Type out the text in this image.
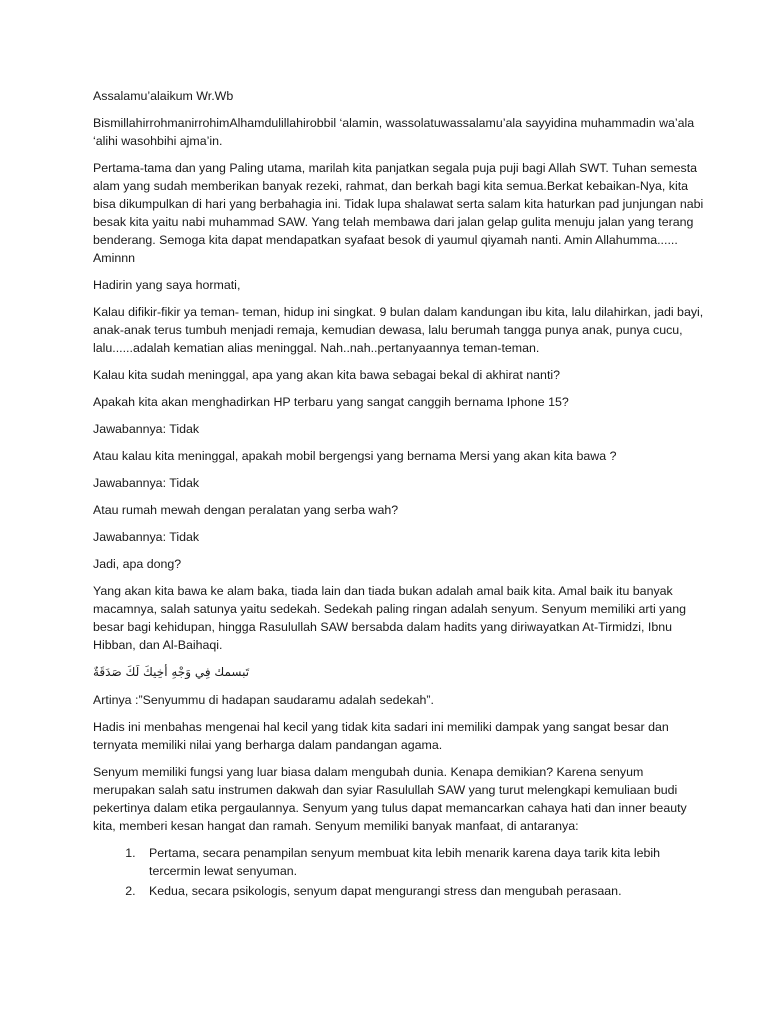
Assalamu’alaikum Wr.Wb

BismillahirrohmanirrohimAlhamdulillahirobbil ‘alamin, wassolatuwassalamu’ala sayyidina muhammadin wa’ala ‘alihi wasohbihi ajma’in.

Pertama-tama dan yang Paling utama, marilah kita panjatkan segala puja puji bagi Allah SWT. Tuhan semesta alam yang sudah memberikan banyak rezeki, rahmat, dan berkah bagi kita semua.Berkat kebaikan-Nya, kita bisa dikumpulkan di hari yang berbahagia ini. Tidak lupa shalawat serta salam kita haturkan pad junjungan nabi besak kita yaitu nabi muhammad SAW. Yang telah membawa dari jalan gelap gulita menuju jalan yang terang benderang. Semoga kita dapat mendapatkan syafaat besok di yaumul qiyamah nanti. Amin Allahumma...... Aminnn

Hadirin yang saya hormati,

Kalau difikir-fikir ya teman- teman, hidup ini singkat. 9 bulan dalam kandungan ibu kita, lalu dilahirkan, jadi bayi, anak-anak terus tumbuh menjadi remaja, kemudian dewasa, lalu berumah tangga punya anak, punya cucu, lalu......adalah kematian alias meninggal. Nah..nah..pertanyaannya teman-teman.

Kalau kita sudah meninggal, apa yang akan kita bawa sebagai bekal di akhirat nanti?

Apakah kita akan menghadirkan HP terbaru yang sangat canggih bernama Iphone 15?

Jawabannya: Tidak

Atau kalau kita meninggal, apakah mobil bergengsi yang bernama Mersi yang akan kita bawa ?

Jawabannya: Tidak

Atau rumah mewah dengan peralatan yang serba wah?

Jawabannya: Tidak

Jadi, apa dong?

Yang akan kita bawa ke alam baka, tiada lain dan tiada bukan adalah amal baik kita. Amal baik itu banyak macamnya, salah satunya yaitu sedekah. Sedekah paling ringan adalah senyum. Senyum memiliki arti yang besar bagi kehidupan, hingga Rasulullah SAW bersabda dalam hadits yang diriwayatkan At-Tirmidzi, Ibnu Hibban, dan Al-Baihaqi.

تَبسمك فِي وَجْهِ أخِيكَ لَكَ صَدَقَةٌ

Artinya :”Senyummu di hadapan saudaramu adalah sedekah”.

Hadis ini menbahas mengenai hal kecil yang tidak kita sadari ini memiliki dampak yang sangat besar dan ternyata memiliki nilai yang berharga dalam pandangan agama.

Senyum memiliki fungsi yang luar biasa dalam mengubah dunia. Kenapa demikian? Karena senyum merupakan salah satu instrumen dakwah dan syiar Rasulullah SAW yang turut melengkapi kemuliaan budi pekertinya dalam etika pergaulannya. Senyum yang tulus dapat memancarkan cahaya hati dan inner beauty kita, memberi kesan hangat dan ramah. Senyum memiliki banyak manfaat, di antaranya:

1. Pertama, secara penampilan senyum membuat kita lebih menarik karena daya tarik kita lebih tercermin lewat senyuman.
2. Kedua, secara psikologis, senyum dapat mengurangi stress dan mengubah perasaan.
